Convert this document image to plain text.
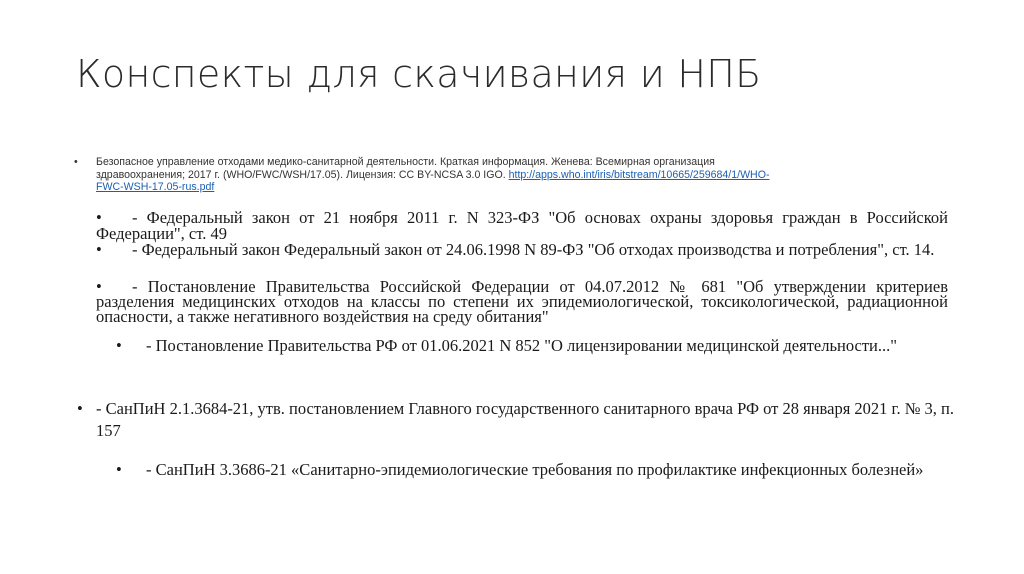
Конспекты для скачивания и НПБ
• Безопасное управление отходами медико-санитарной деятельности. Краткая информация. Женева: Всемирная организация здравоохранения; 2017 г. (WHO/FWC/WSH/17.05). Лицензия: CC BY-NCSA 3.0 IGO. http://apps.who.int/iris/bitstream/10665/259684/1/WHO-FWC-WSH-17.05-rus.pdf
•	- Федеральный закон от 21 ноября 2011 г. N 323-ФЗ "Об основах охраны здоровья граждан в Российской Федерации", ст. 49
•	- Федеральный закон Федеральный закон от 24.06.1998 N 89-ФЗ "Об отходах производства и потребления", ст. 14.
•	- Постановление Правительства Российской Федерации от 04.07.2012 № 681 "Об утверждении критериев разделения медицинских отходов на классы по степени их эпидемиологической, токсикологической, радиационной опасности, а также негативного воздействия на среду обитания"
•	- Постановление Правительства РФ от 01.06.2021 N 852 "О лицензировании медицинской деятельности..."
• - СанПиН 2.1.3684-21, утв. постановлением Главного государственного санитарного врача РФ от 28 января 2021 г. № 3, п. 157
•	- СанПиН 3.3686-21 «Санитарно-эпидемиологические требования по профилактике инфекционных болезней»
